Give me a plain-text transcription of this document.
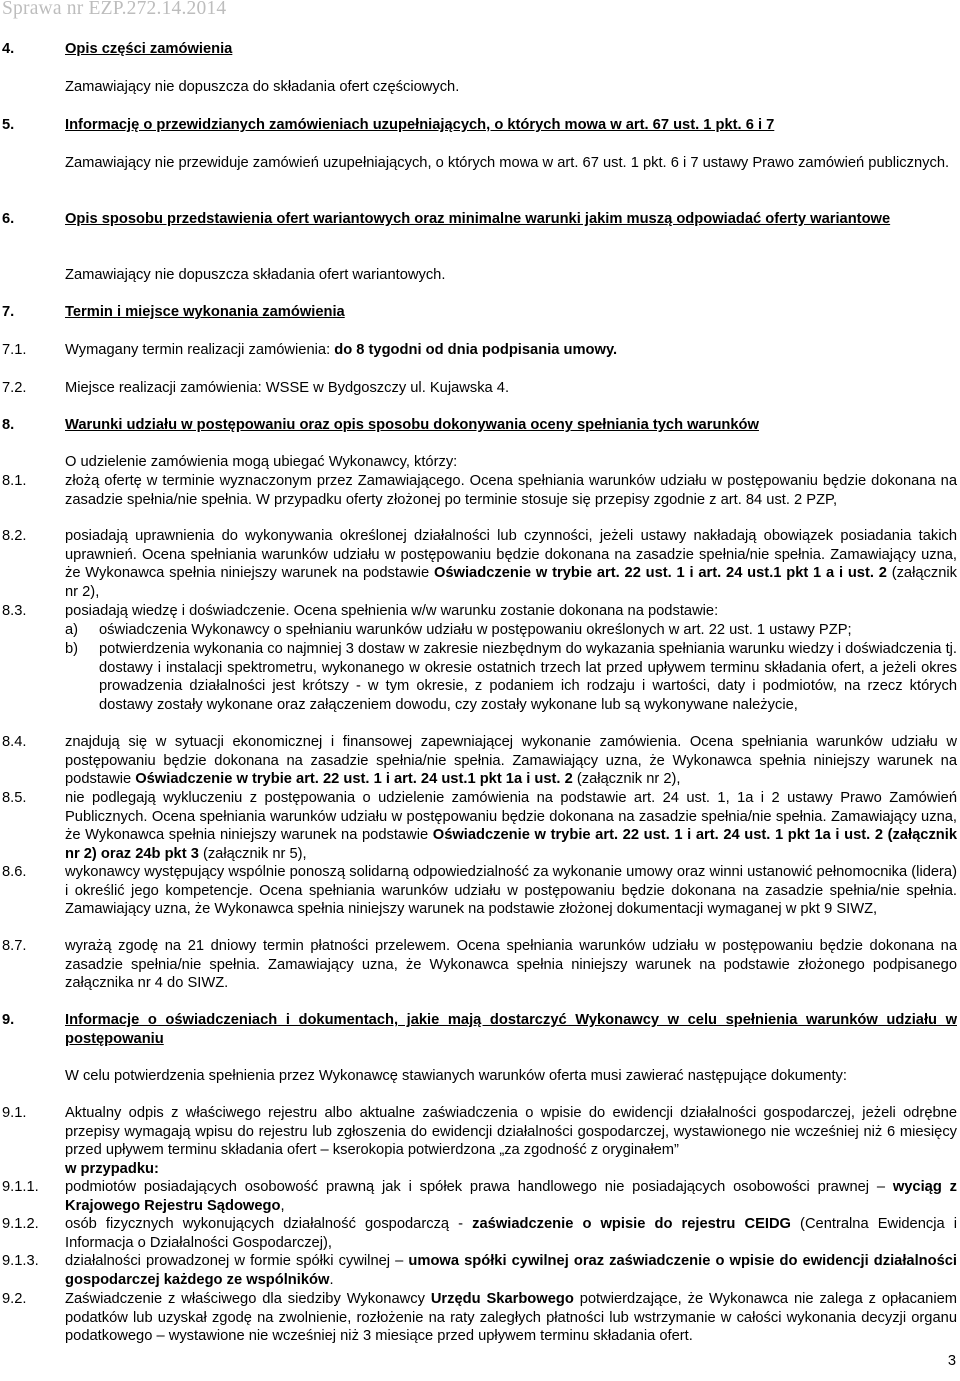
Sprawa nr EZP.272.14.2014
4.	Opis części zamówienia
Zamawiający nie dopuszcza do składania ofert częściowych.
5.	Informację o przewidzianych zamówieniach uzupełniających, o których mowa w art. 67 ust. 1 pkt. 6 i 7
Zamawiający nie przewiduje zamówień uzupełniających, o których mowa w art. 67 ust. 1 pkt. 6 i 7 ustawy Prawo zamówień publicznych.
6.	Opis sposobu przedstawienia ofert wariantowych oraz minimalne warunki jakim muszą odpowiadać oferty wariantowe
Zamawiający nie dopuszcza składania ofert wariantowych.
7.	Termin i miejsce wykonania zamówienia
7.1.	Wymagany termin realizacji zamówienia: do 8 tygodni od dnia podpisania umowy.
7.2.	Miejsce realizacji zamówienia: WSSE w Bydgoszczy ul. Kujawska 4.
8.	Warunki udziału w postępowaniu oraz opis sposobu dokonywania oceny spełniania tych warunków
O udzielenie zamówienia mogą ubiegać Wykonawcy, którzy:
8.1.	złożą ofertę w terminie wyznaczonym przez Zamawiającego. Ocena spełniania warunków udziału w postępowaniu będzie dokonana na zasadzie spełnia/nie spełnia. W przypadku oferty złożonej po terminie stosuje się przepisy zgodnie z art. 84 ust. 2 PZP,
8.2.	posiadają uprawnienia do wykonywania określonej działalności lub czynności, jeżeli ustawy nakładają obowiązek posiadania takich uprawnień. Ocena spełniania warunków udziału w postępowaniu będzie dokonana na zasadzie spełnia/nie spełnia. Zamawiający uzna, że Wykonawca spełnia niniejszy warunek na podstawie Oświadczenie w trybie art. 22 ust. 1 i art. 24 ust.1 pkt 1 a i ust. 2 (załącznik nr 2),
8.3.	posiadają wiedzę i doświadczenie. Ocena spełnienia w/w warunku zostanie dokonana na podstawie:
a) oświadczenia Wykonawcy o spełnianiu warunków udziału w postępowaniu określonych w art. 22 ust. 1 ustawy PZP;
b) potwierdzenia wykonania co najmniej 3 dostaw w zakresie niezbędnym do wykazania spełniania warunku wiedzy i doświadczenia tj. dostawy i instalacji spektrometru, wykonanego w okresie ostatnich trzech lat przed upływem terminu składania ofert, a jeżeli okres prowadzenia działalności jest krótszy - w tym okresie, z podaniem ich rodzaju i wartości, daty i podmiotów, na rzecz których dostawy zostały wykonane oraz załączeniem dowodu, czy zostały wykonane lub są wykonywane należycie,
8.4.	znajdują się w sytuacji ekonomicznej i finansowej zapewniającej wykonanie zamówienia. Ocena spełniania warunków udziału w postępowaniu będzie dokonana na zasadzie spełnia/nie spełnia. Zamawiający uzna, że Wykonawca spełnia niniejszy warunek na podstawie Oświadczenie w trybie art. 22 ust. 1 i art. 24 ust.1 pkt 1a i ust. 2 (załącznik nr 2),
8.5.	nie podlegają wykluczeniu z postępowania o udzielenie zamówienia na podstawie art. 24 ust. 1, 1a i 2 ustawy Prawo Zamówień Publicznych. Ocena spełniania warunków udziału w postępowaniu będzie dokonana na zasadzie spełnia/nie spełnia. Zamawiający uzna, że Wykonawca spełnia niniejszy warunek na podstawie Oświadczenie w trybie art. 22 ust. 1 i art. 24 ust. 1 pkt 1a i ust. 2 (załącznik nr 2) oraz 24b pkt 3 (załącznik nr 5),
8.6.	wykonawcy występujący wspólnie ponoszą solidarną odpowiedzialność za wykonanie umowy oraz winni ustanowić pełnomocnika (lidera) i określić jego kompetencje. Ocena spełniania warunków udziału w postępowaniu będzie dokonana na zasadzie spełnia/nie spełnia. Zamawiający uzna, że Wykonawca spełnia niniejszy warunek na podstawie złożonej dokumentacji wymaganej w pkt 9 SIWZ,
8.7.	wyrażą zgodę na 21 dniowy termin płatności przelewem. Ocena spełniania warunków udziału w postępowaniu będzie dokonana na zasadzie spełnia/nie spełnia. Zamawiający uzna, że Wykonawca spełnia niniejszy warunek na podstawie złożonego podpisanego załącznika nr 4 do SIWZ.
9.	Informacje o oświadczeniach i dokumentach, jakie mają dostarczyć Wykonawcy w celu spełnienia warunków udziału w postępowaniu
W celu potwierdzenia spełnienia przez Wykonawcę stawianych warunków oferta musi zawierać następujące dokumenty:
9.1.	Aktualny odpis z właściwego rejestru albo aktualne zaświadczenia o wpisie do ewidencji działalności gospodarczej, jeżeli odrębne przepisy wymagają wpisu do rejestru lub zgłoszenia do ewidencji działalności gospodarczej, wystawionego nie wcześniej niż 6 miesięcy przed upływem terminu składania ofert – kserokopia potwierdzona „za zgodność z oryginałem”
w przypadku:
9.1.1. podmiotów posiadających osobowość prawną jak i spółek prawa handlowego nie posiadających osobowości prawnej – wyciąg z Krajowego Rejestru Sądowego,
9.1.2. osób fizycznych wykonujących działalność gospodarczą - zaświadczenie o wpisie do rejestru CEIDG (Centralna Ewidencja i Informacja o Działalności Gospodarczej),
9.1.3. działalności prowadzonej w formie spółki cywilnej – umowa spółki cywilnej oraz zaświadczenie o wpisie do ewidencji działalności gospodarczej każdego ze wspólników.
9.2.	Zaświadczenie z właściwego dla siedziby Wykonawcy Urzędu Skarbowego potwierdzające, że Wykonawca nie zalega z opłacaniem podatków lub uzyskał zgodę na zwolnienie, rozłożenie na raty zaległych płatności lub wstrzymanie w całości wykonania decyzji organu podatkowego – wystawione nie wcześniej niż 3 miesiące przed upływem terminu składania ofert.
3
